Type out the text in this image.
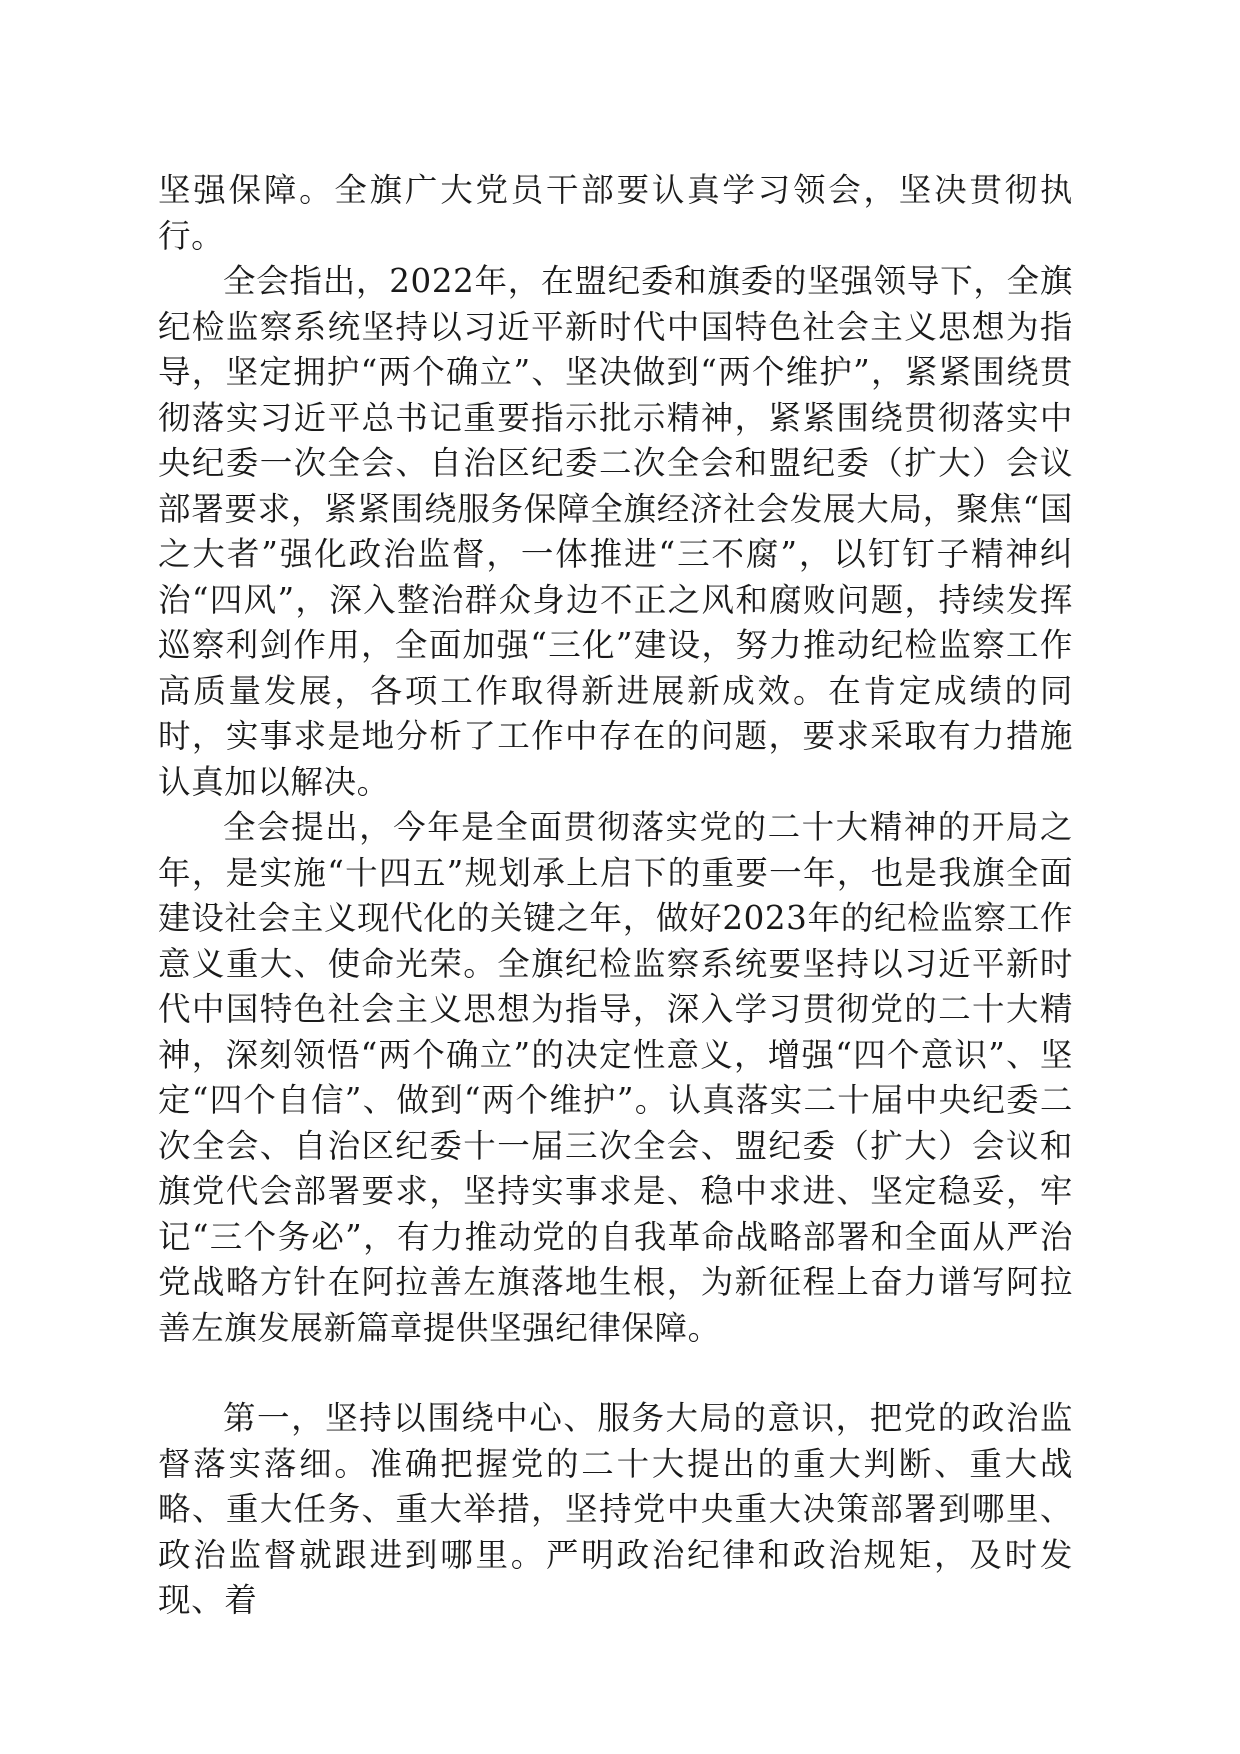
坚强保障。全旗广大党员干部要认真学习领会，坚决贯彻执行。

全会指出，2022年，在盟纪委和旗委的坚强领导下，全旗纪检监察系统坚持以习近平新时代中国特色社会主义思想为指导，坚定拥护“两个确立”、坚决做到“两个维护”，紧紧围绕贯彻落实习近平总书记重要指示批示精神，紧紧围绕贯彻落实中央纪委一次全会、自治区纪委二次全会和盟纪委（扩大）会议部署要求，紧紧围绕服务保障全旗经济社会发展大局，聚焦“国之大者”强化政治监督，一体推进“三不腐”，以钉钉子精神纠治“四风”，深入整治群众身边不正之风和腐败问题，持续发挥巡察利剑作用，全面加强“三化”建设，努力推动纪检监察工作高质量发展，各项工作取得新进展新成效。在肯定成绩的同时，实事求是地分析了工作中存在的问题，要求采取有力措施认真加以解决。

全会提出，今年是全面贯彻落实党的二十大精神的开局之年，是实施“十四五”规划承上启下的重要一年，也是我旗全面建设社会主义现代化的关键之年，做好2023年的纪检监察工作意义重大、使命光荣。全旗纪检监察系统要坚持以习近平新时代中国特色社会主义思想为指导，深入学习贯彻党的二十大精神，深刻领悟“两个确立”的决定性意义，增强“四个意识”、坚定“四个自信”、做到“两个维护”。认真落实二十届中央纪委二次全会、自治区纪委十一届三次全会、盟纪委（扩大）会议和旗党代会部署要求，坚持实事求是、稳中求进、坚定稳妥，牢记“三个务必”，有力推动党的自我革命战略部署和全面从严治党战略方针在阿拉善左旗落地生根，为新征程上奋力谱写阿拉善左旗发展新篇章提供坚强纪律保障。

第一，坚持以围绕中心、服务大局的意识，把党的政治监督落实落细。准确把握党的二十大提出的重大判断、重大战略、重大任务、重大举措，坚持党中央重大决策部署到哪里、政治监督就跟进到哪里。严明政治纪律和政治规矩，及时发现、着
